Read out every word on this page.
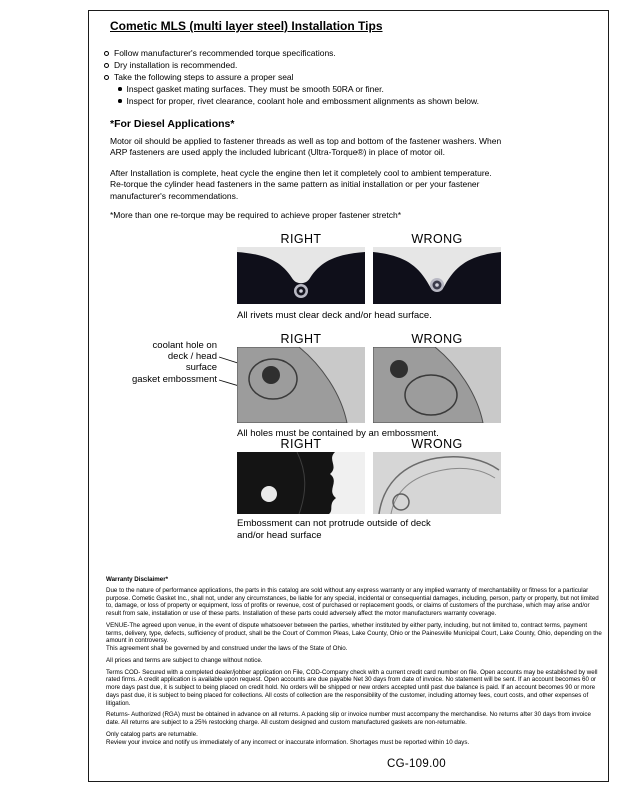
Cometic MLS (multi layer steel) Installation Tips
Follow manufacturer's recommended torque specifications.
Dry installation is recommended.
Take the following steps to assure a proper seal
Inspect gasket mating surfaces. They must be smooth 50RA or finer.
Inspect for proper, rivet clearance, coolant hole and embossment alignments as shown below.
*For Diesel Applications*
Motor oil should be applied to fastener threads as well as top and bottom of the fastener washers. When ARP fasteners are used apply the included lubricant (Ultra-Torque®) in place of motor oil.
After Installation is complete, heat cycle the engine then let it completely cool to ambient temperature. Re-torque the cylinder head fasteners in the same pattern as initial installation or per your fastener manufacturer's recommendations.
*More than one re-torque may be required to achieve proper fastener stretch*
RIGHT	WRONG
All rivets must clear deck and/or head surface.
RIGHT	WRONG
coolant hole on deck / head surface
gasket embossment
All holes must be contained by an embossment.
RIGHT	WRONG
Embossment can not protrude outside of deck and/or head surface

Warranty Disclaimer*

Due to the nature of performance applications, the parts in this catalog are sold without any express warranty or any implied warranty of merchantability or fitness for a particular purpose. Cometic Gasket Inc., shall not, under any circumstances, be liable for any special, incidental or consequential damages, including, person, party or property, but not limited to, damage, or loss of property or equipment, loss of profits or revenue, cost of purchased or replacement goods, or claims of customers of the purchase, which may arise and/or result from sale, installation or use of these parts. Installation of these parts could adversely affect the motor manufacturers warranty coverage.

VENUE-The agreed upon venue, in the event of dispute whatsoever between the parties, whether instituted by either party, including, but not limited to, contract terms, payment terms, delivery, type, defects, sufficiency of product, shall be the Court of Common Pleas, Lake County, Ohio or the Painesville Municipal Court, Lake County, Ohio, depending on the amount in controversy.

This agreement shall be governed by and construed under the laws of the State of Ohio.

All prices and terms are subject to change without notice.

Terms COD- Secured with a completed dealer/jobber application on File, COD-Company check with a current credit card number on file. Open accounts may be established by well rated firms. A credit application is available upon request. Open accounts are due payable Net 30 days from date of invoice. No statement will be sent. If an account becomes 60 or more days past due, it is subject to being placed on credit hold. No orders will be shipped or new orders accepted until past due balance is paid. If an account becomes 90 or more days past due, it is subject to being placed for collections. All costs of collection are the responsibility of the customer, including attorney fees, court costs, and other expenses of litigation.

Returns- Authorized (RGA) must be obtained in advance on all returns. A packing slip or invoice number must accompany the merchandise. No returns after 30 days from invoice date. All returns are subject to a 25% restocking charge. All custom designed and custom manufactured gaskets are non-returnable.

Only catalog parts are returnable.

Review your invoice and notify us immediately of any incorrect or inaccurate information. Shortages must be reported within 10 days.

CG-109.00
